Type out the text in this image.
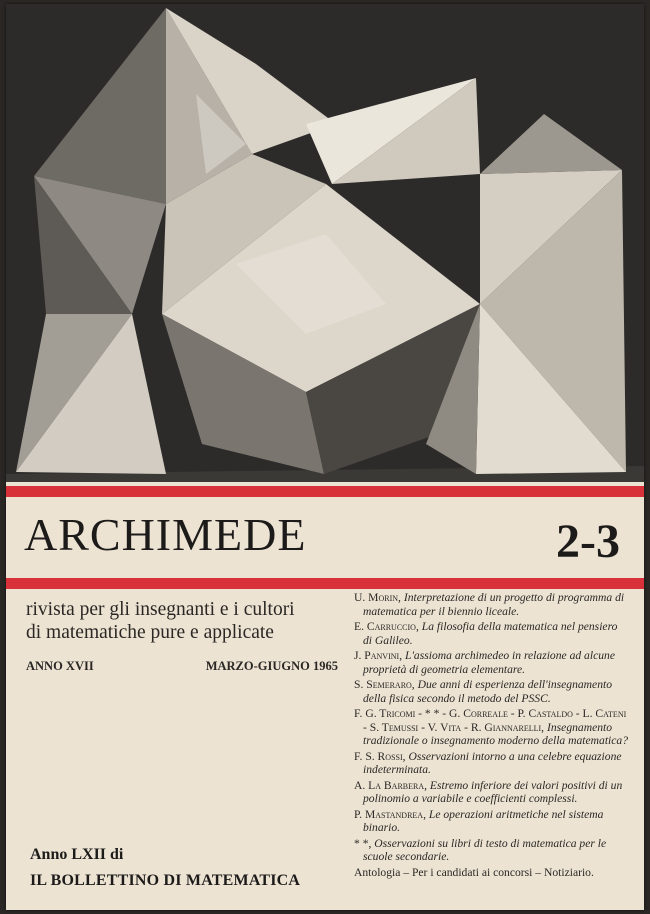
ARCHIMEDE	2-3
rivista per gli insegnanti e i cultori
di matematiche pure e applicate
ANNO XVII	MARZO-GIUGNO 1965
U. Morin, Interpretazione di un progetto di programma di matematica per il biennio liceale.
E. Carruccio, La filosofia della matematica nel pensiero di Galileo.
J. Panvini, L'assioma archimedeo in relazione ad alcune proprietà di geometria elementare.
S. Semeraro, Due anni di esperienza dell'insegnamento della fisica secondo il metodo del PSSC.
F. G. Tricomi - * * - G. Correale - P. Castaldo - L. Cateni - S. Temussi - V. Vita - R. Giannarelli, Insegnamento tradizionale o insegnamento moderno della matematica?
F. S. Rossi, Osservazioni intorno a una celebre equazione indeterminata.
A. La Barbera, Estremo inferiore dei valori positivi di un polinomio a variabile e coefficienti complessi.
P. Mastandrea, Le operazioni aritmetiche nel sistema binario.
* *, Osservazioni su libri di testo di matematica per le scuole secondarie.
Antologia – Per i candidati ai concorsi – Notiziario.
Anno LXII di
IL BOLLETTINO DI MATEMATICA
